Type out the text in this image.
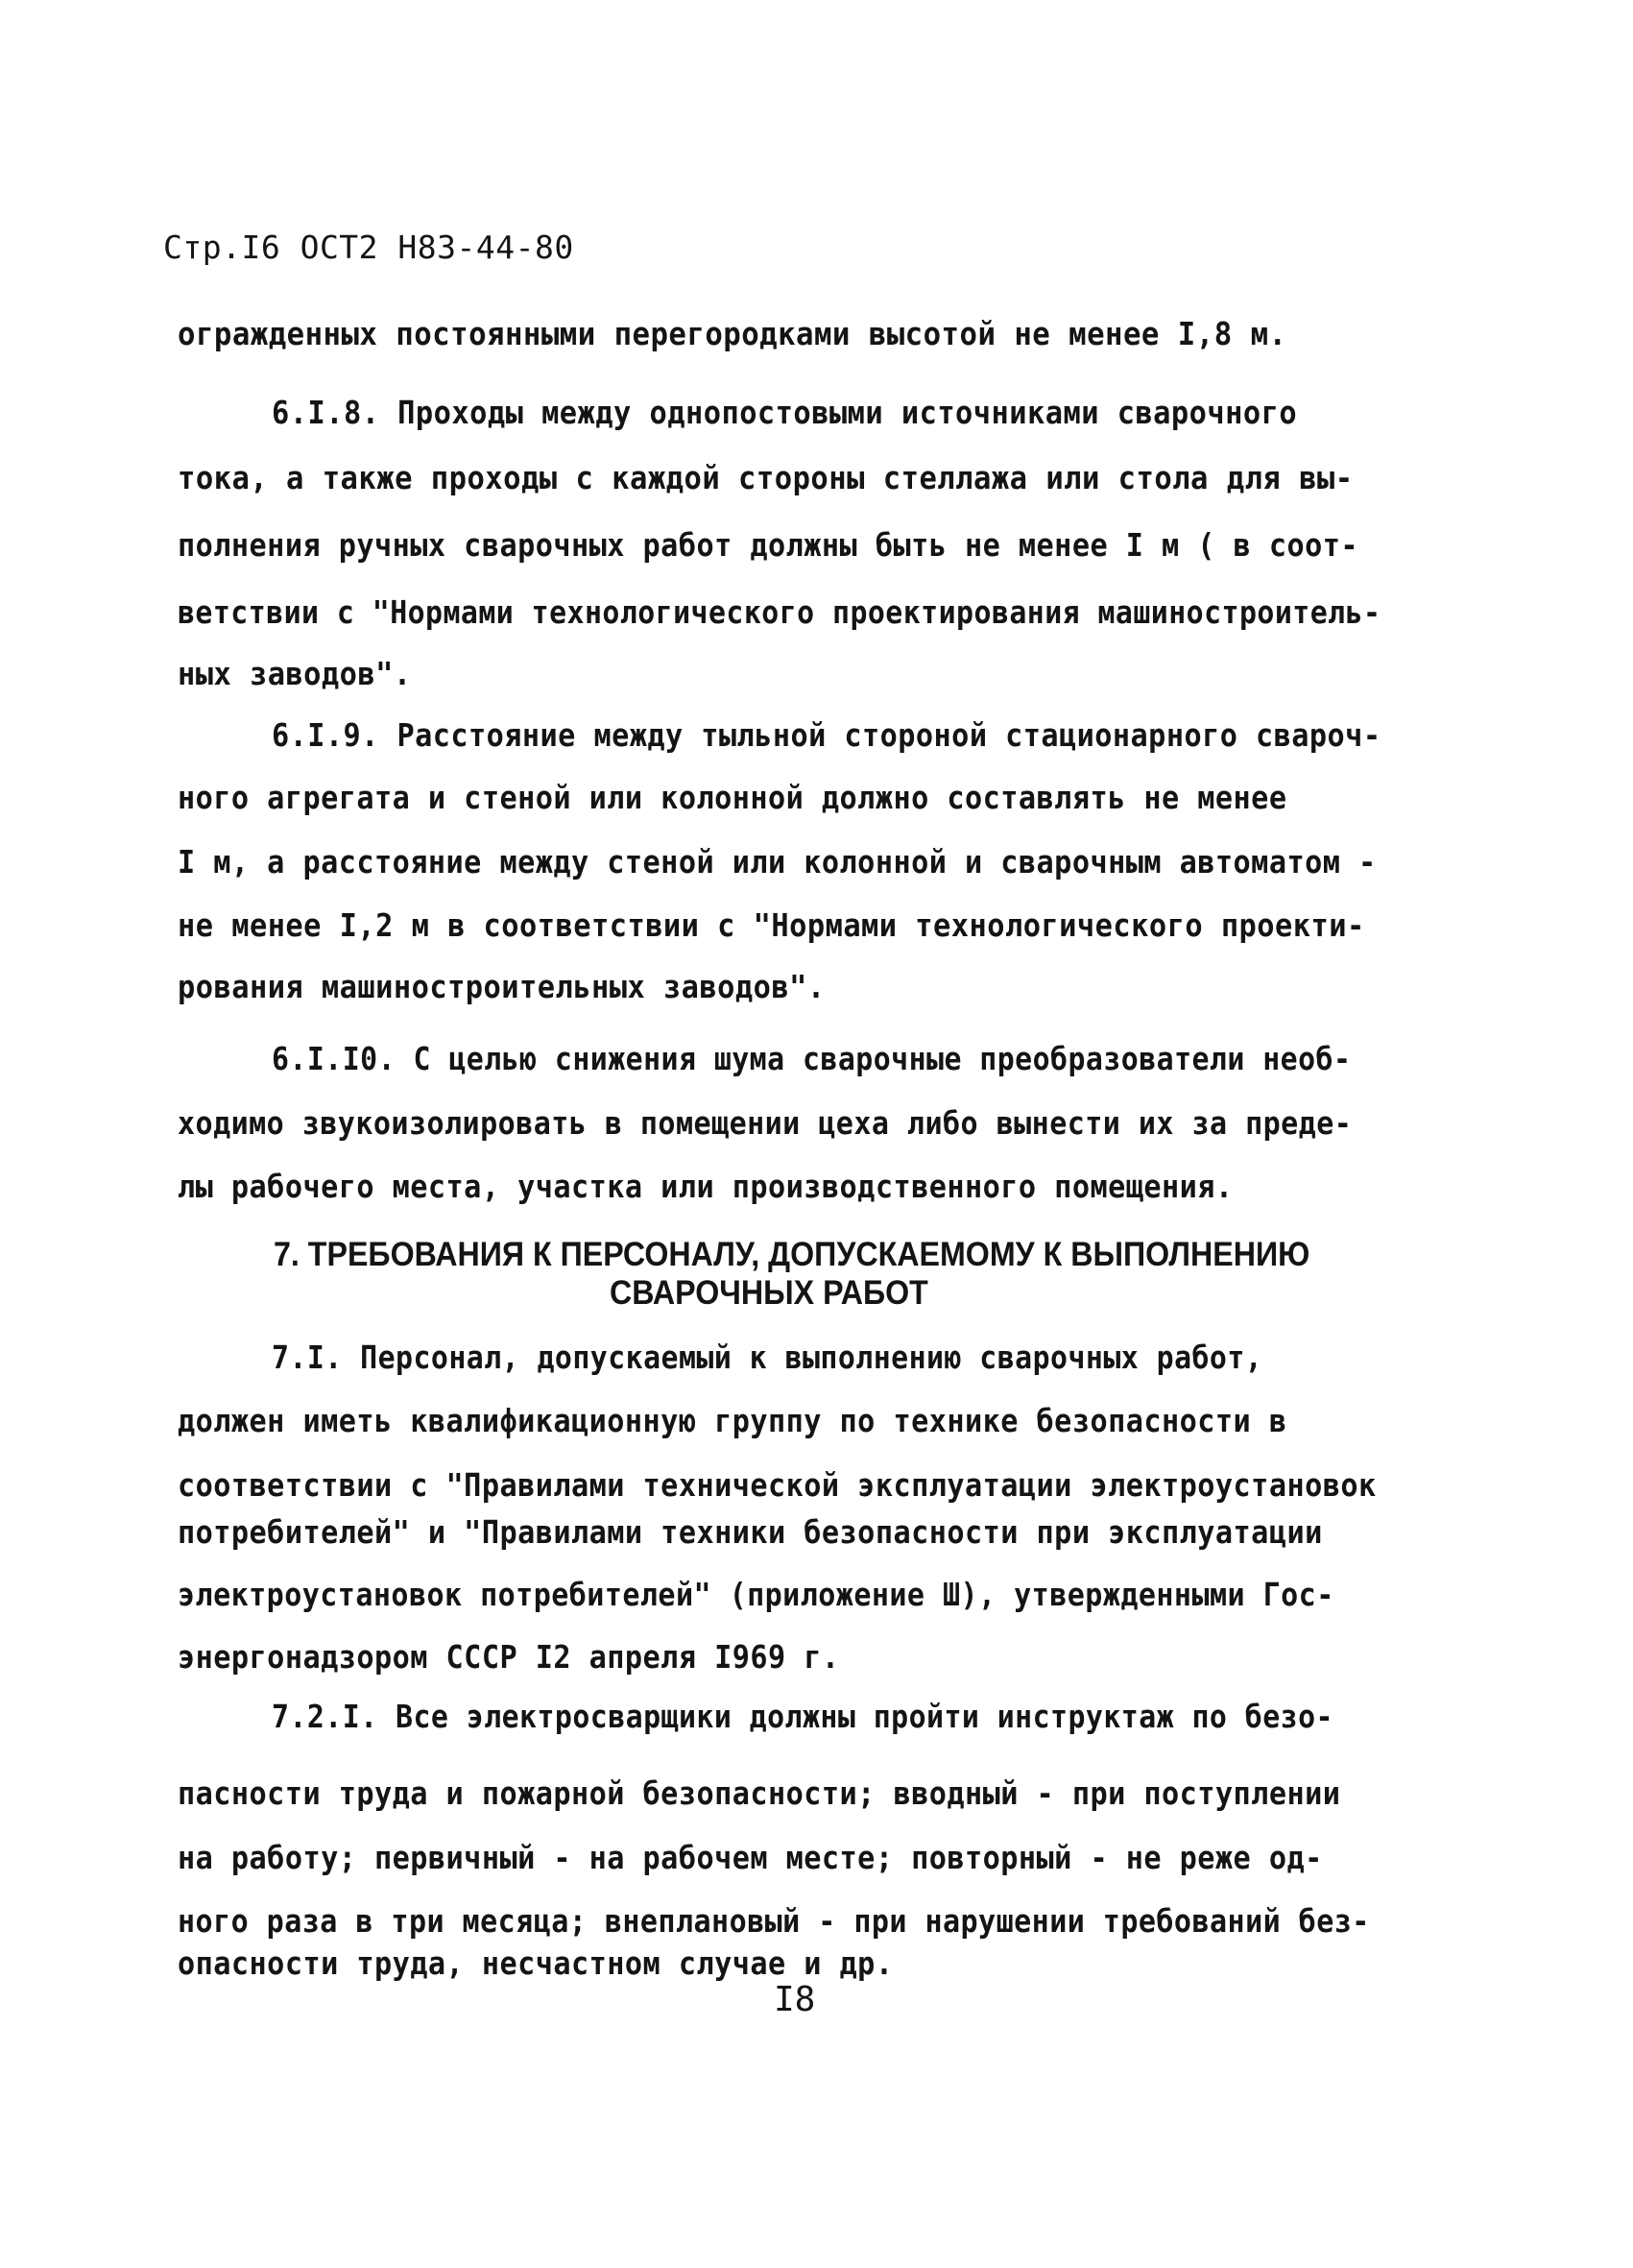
Стр.I6 ОСТ2 Н83-44-80
огражденных постоянными перегородками высотой не менее I,8 м.
6.I.8. Проходы между однопостовыми источниками сварочного
тока, а также проходы с каждой стороны стеллажа или стола для вы-
полнения ручных сварочных работ должны быть не менее I м ( в соот-
ветствии с "Нормами технологического проектирования машиностроитель-
ных заводов".
6.I.9. Расстояние между тыльной стороной стационарного свароч-
ного агрегата и стеной или колонной должно составлять не менее
I м, а расстояние между стеной или колонной и сварочным автоматом -
не менее I,2 м в соответствии с "Нормами технологического проекти-
рования машиностроительных заводов".
6.I.I0. С целью снижения шума сварочные преобразователи необ-
ходимо звукоизолировать в помещении цеха либо вынести их за преде-
лы рабочего места, участка или производственного помещения.
7. ТРЕБОВАНИЯ К ПЕРСОНАЛУ, ДОПУСКАЕМОМУ К ВЫПОЛНЕНИЮ
СВАРОЧНЫХ РАБОТ
7.I. Персонал, допускаемый к выполнению сварочных работ,
должен иметь квалификационную группу по технике безопасности в
соответствии с "Правилами технической эксплуатации электроустановок
потребителей" и "Правилами техники безопасности при эксплуатации
электроустановок потребителей" (приложение Ш), утвержденными Гос-
энергонадзором СССР I2 апреля I969 г.
7.2.I. Все электросварщики должны пройти инструктаж по безо-
пасности труда и пожарной безопасности; вводный - при поступлении
на работу; первичный - на рабочем месте; повторный - не реже од-
ного раза в три месяца; внеплановый - при нарушении требований без-
опасности труда, несчастном случае и др.
I8
